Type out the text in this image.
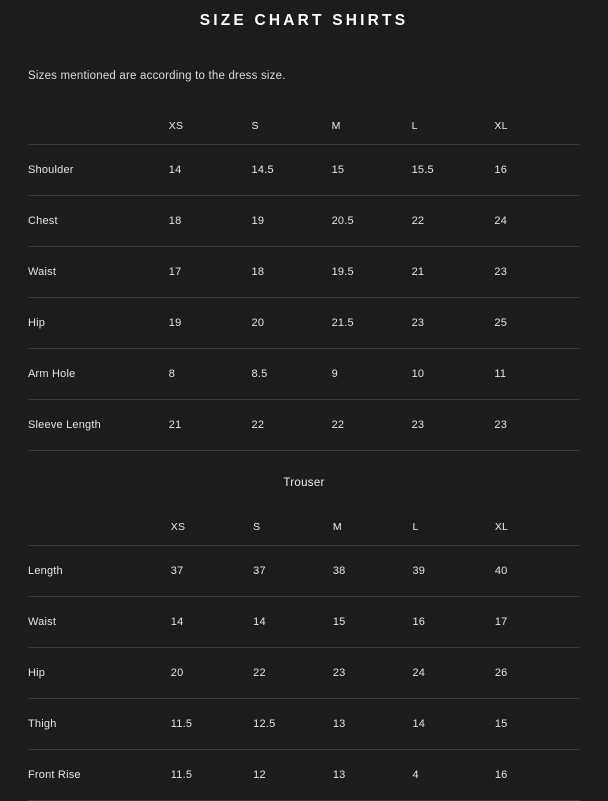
SIZE CHART SHIRTS
Sizes mentioned are according to the dress size.
	XS	S	M	L	XL
Shoulder	14	14.5	15	15.5	16
Chest	18	19	20.5	22	24
Waist	17	18	19.5	21	23
Hip	19	20	21.5	23	25
Arm Hole	8	8.5	9	10	11
Sleeve Length	21	22	22	23	23
Trouser
	XS	S	M	L	XL
Length	37	37	38	39	40
Waist	14	14	15	16	17
Hip	20	22	23	24	26
Thigh	11.5	12.5	13	14	15
Front Rise	11.5	12	13	4	16
